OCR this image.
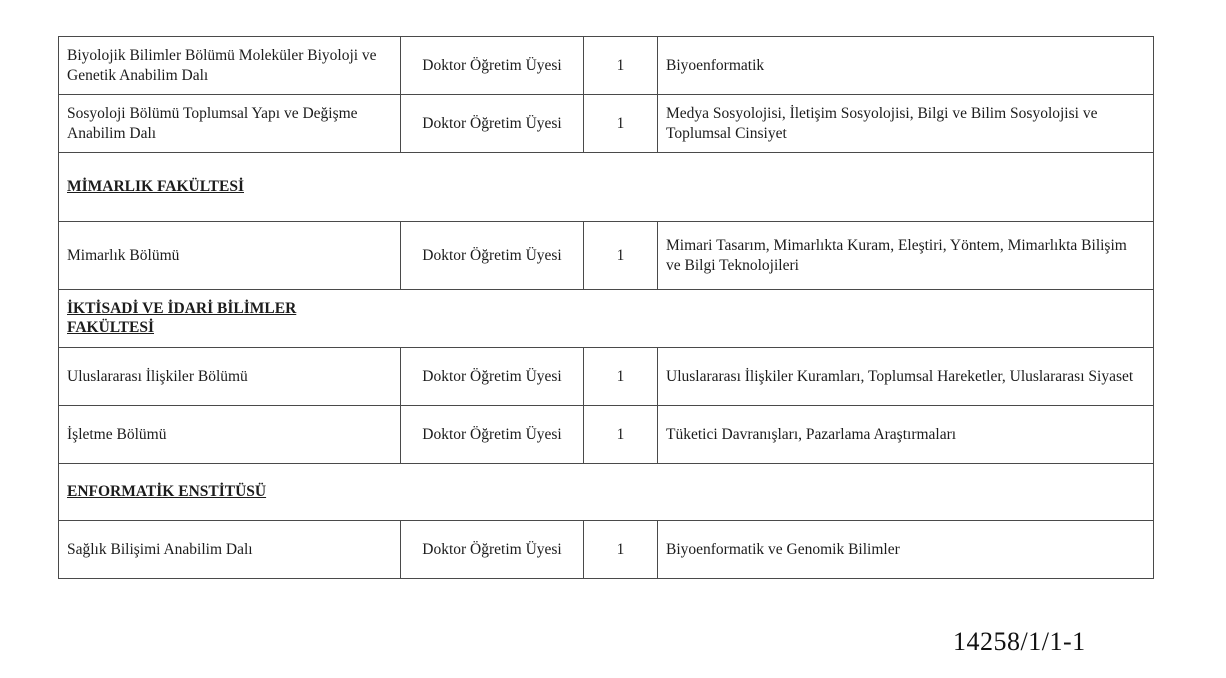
Biyolojik Bilimler Bölümü Moleküler Biyoloji ve Genetik Anabilim Dalı	Doktor Öğretim Üyesi	1	Biyoenformatik
Sosyoloji Bölümü Toplumsal Yapı ve Değişme Anabilim Dalı	Doktor Öğretim Üyesi	1	Medya Sosyolojisi, İletişim Sosyolojisi, Bilgi ve Bilim Sosyolojisi ve Toplumsal Cinsiyet
MİMARLIK FAKÜLTESİ			
Mimarlık Bölümü	Doktor Öğretim Üyesi	1	Mimari Tasarım, Mimarlıkta Kuram, Eleştiri, Yöntem, Mimarlıkta Bilişim ve Bilgi Teknolojileri
İKTİSADİ VE İDARİ BİLİMLER FAKÜLTESİ			
Uluslararası İlişkiler Bölümü	Doktor Öğretim Üyesi	1	Uluslararası İlişkiler Kuramları, Toplumsal Hareketler, Uluslararası Siyaset
İşletme Bölümü	Doktor Öğretim Üyesi	1	Tüketici Davranışları, Pazarlama Araştırmaları
ENFORMATİK ENSTİTÜSÜ			
Sağlık Bilişimi Anabilim Dalı	Doktor Öğretim Üyesi	1	Biyoenformatik ve Genomik Bilimler
14258/1/1-1
